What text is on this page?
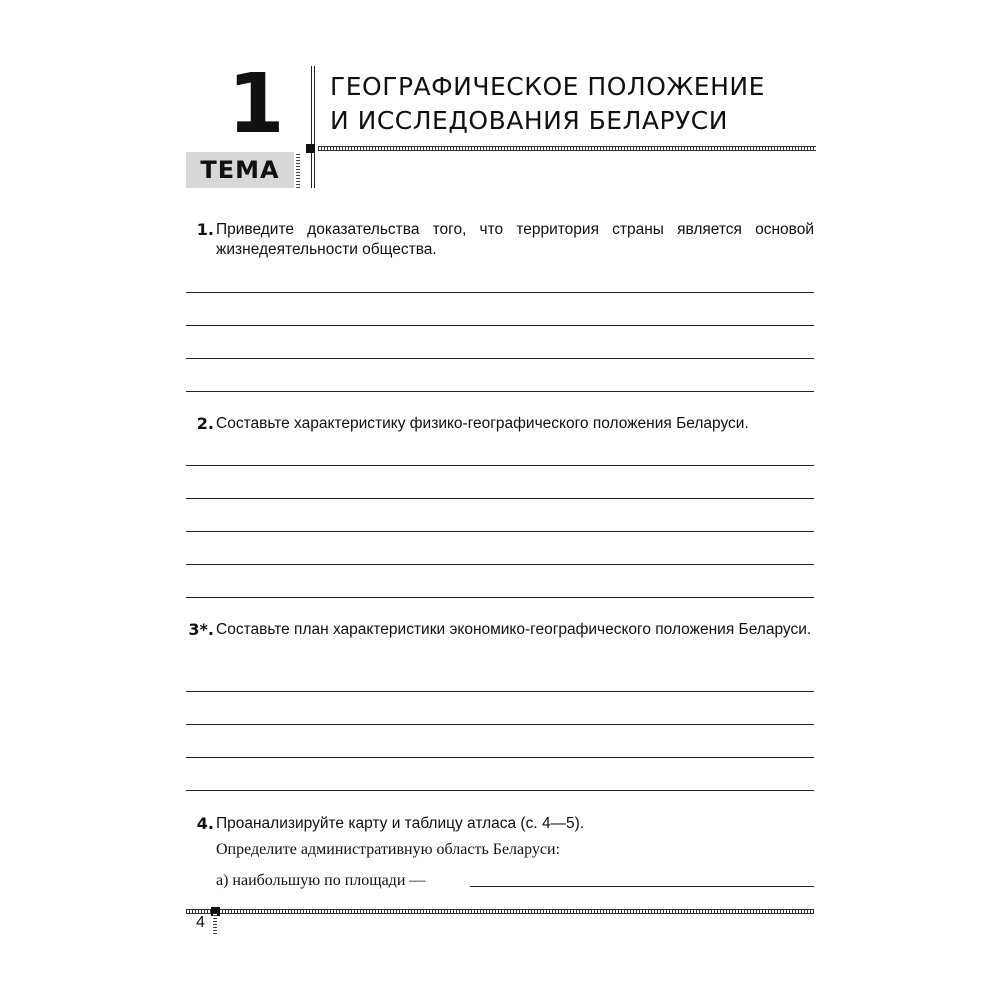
1 ГЕОГРАФИЧЕСКОЕ ПОЛОЖЕНИЕ
И ИССЛЕДОВАНИЯ БЕЛАРУСИ
ТЕМА
1. Приведите доказательства того, что территория страны является основой жизнедеятельности общества.
2. Составьте характеристику физико-географического положения Беларуси.
3*. Составьте план характеристики экономико-географического положения Беларуси.
4. Проанализируйте карту и таблицу атласа (с. 4—5).
Определите административную область Беларуси:
а) наибольшую по площади —
4
